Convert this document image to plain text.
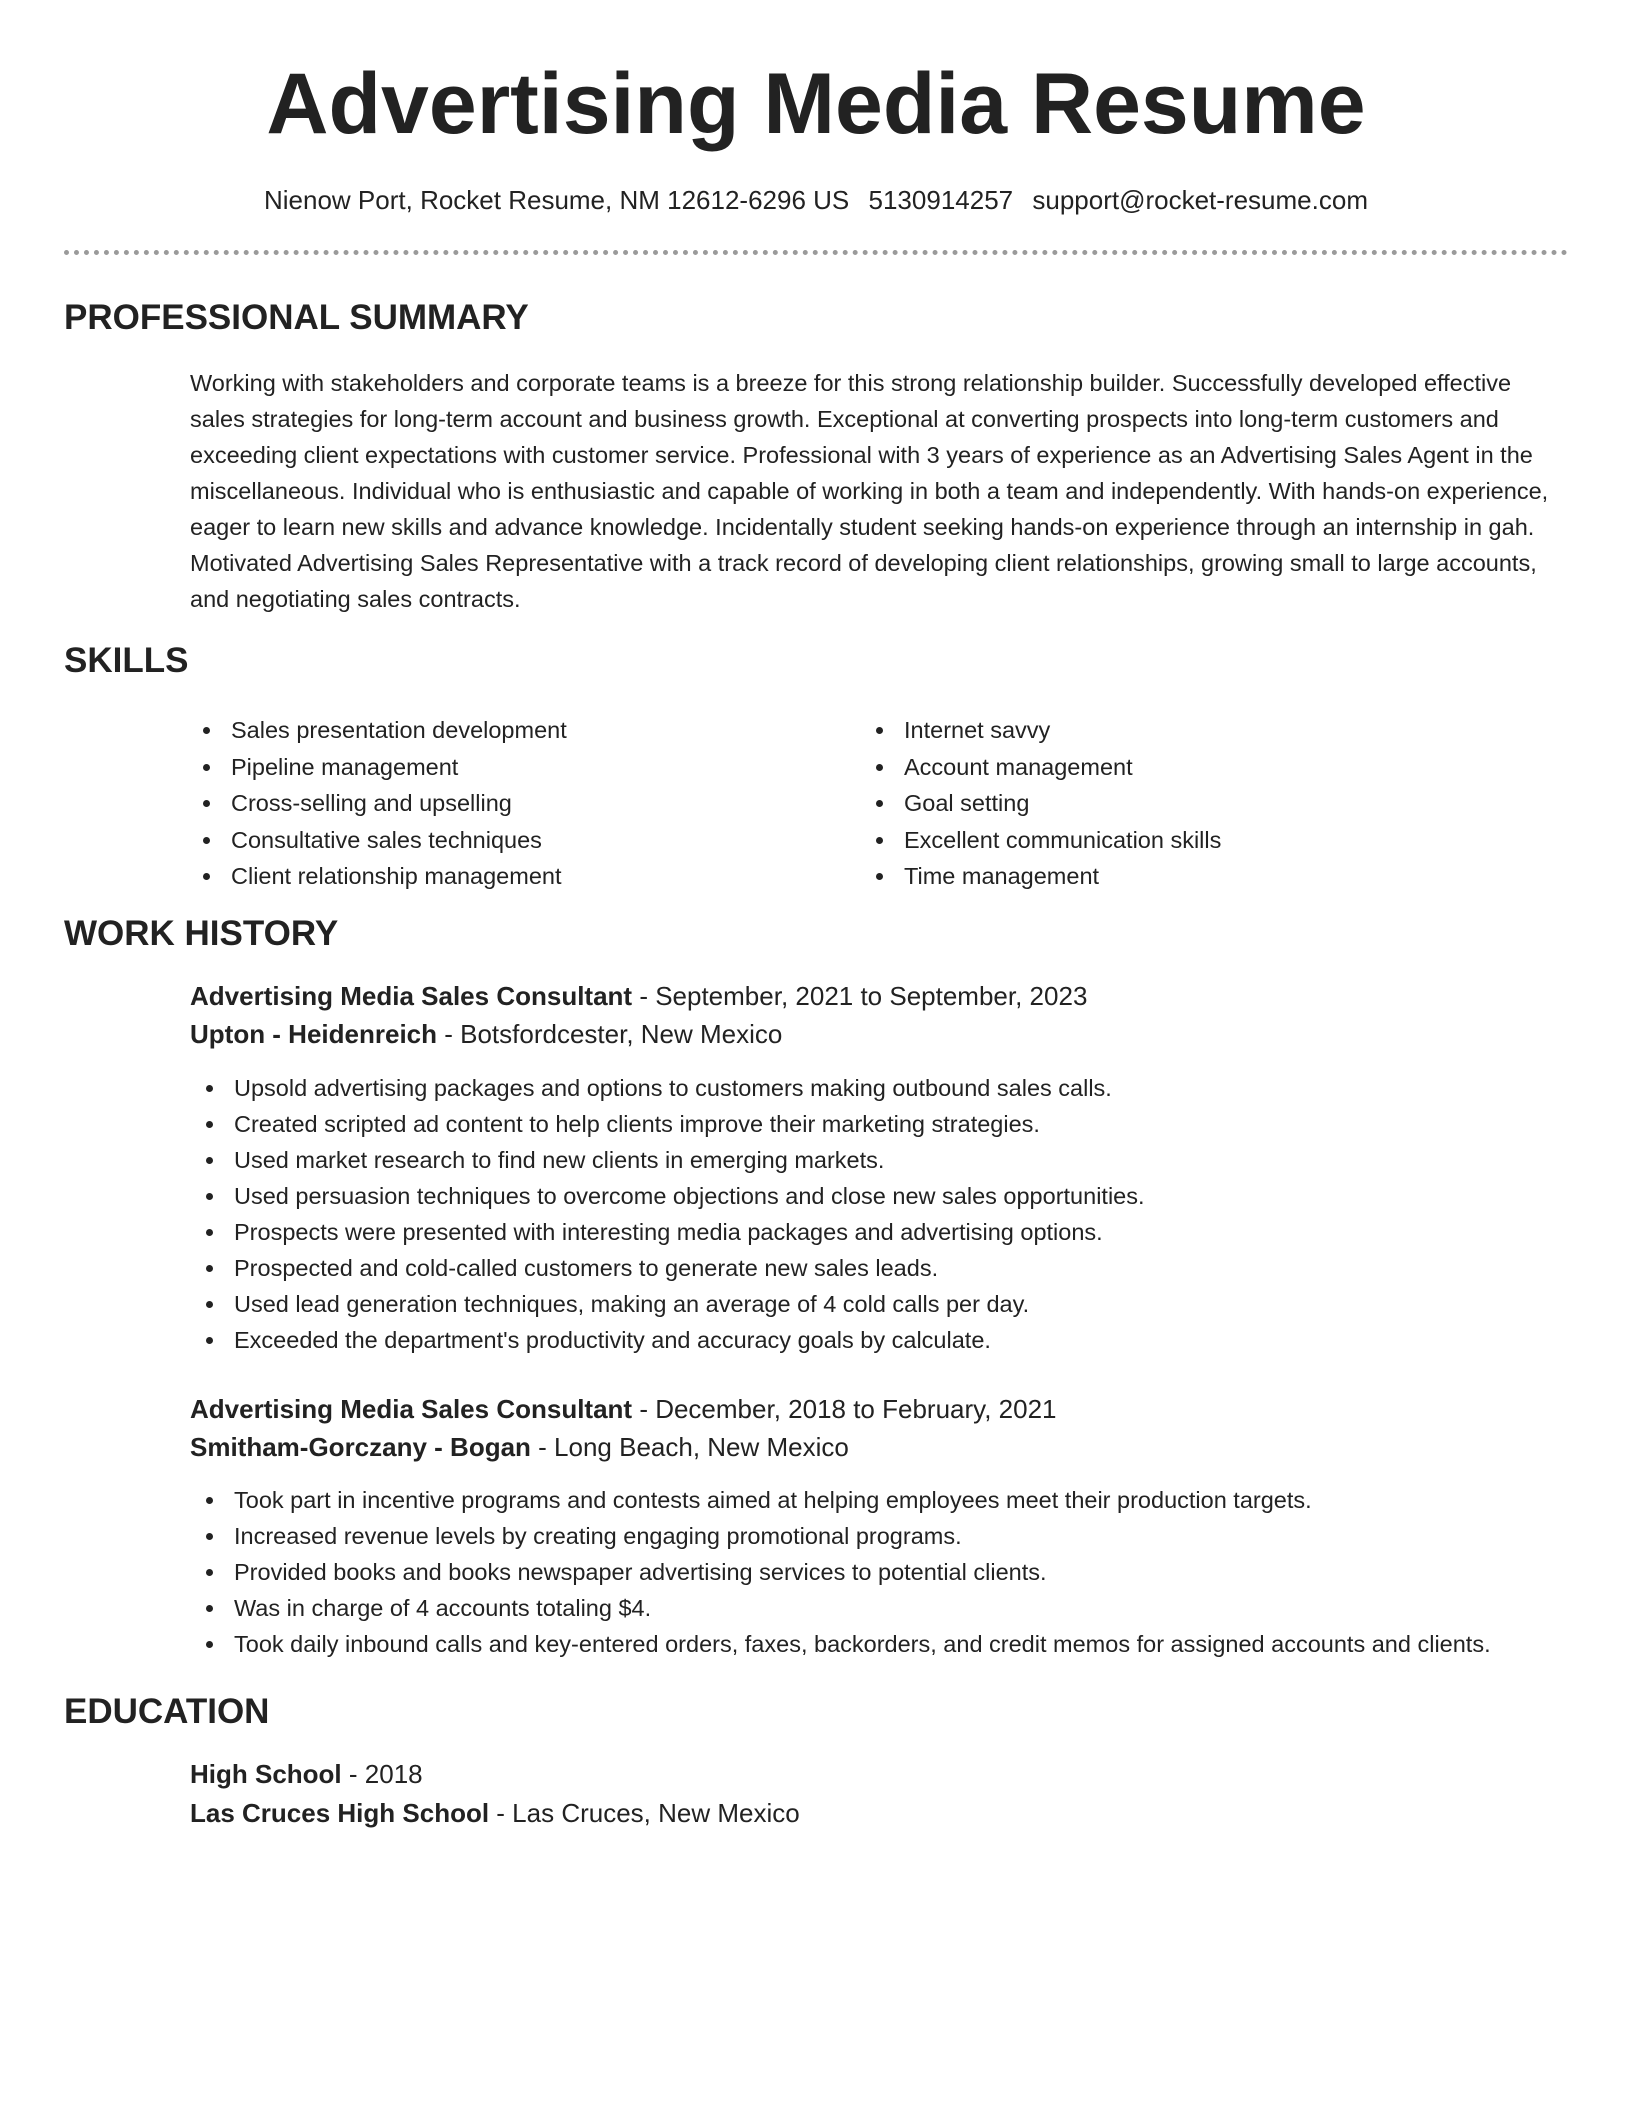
Advertising Media Resume
Nienow Port, Rocket Resume, NM 12612-6296 US 5130914257 support@rocket-resume.com
PROFESSIONAL SUMMARY

Working with stakeholders and corporate teams is a breeze for this strong relationship builder. Successfully developed effective sales strategies for long-term account and business growth. Exceptional at converting prospects into long-term customers and exceeding client expectations with customer service. Professional with 3 years of experience as an Advertising Sales Agent in the miscellaneous. Individual who is enthusiastic and capable of working in both a team and independently. With hands-on experience, eager to learn new skills and advance knowledge. Incidentally student seeking hands-on experience through an internship in gah. Motivated Advertising Sales Representative with a track record of developing client relationships, growing small to large accounts, and negotiating sales contracts.

SKILLS
Sales presentation development
Pipeline management
Cross-selling and upselling
Consultative sales techniques
Client relationship management
Internet savvy
Account management
Goal setting
Excellent communication skills
Time management
WORK HISTORY
Advertising Media Sales Consultant - September, 2021 to September, 2023
Upton - Heidenreich - Botsfordcester, New Mexico
Upsold advertising packages and options to customers making outbound sales calls.
Created scripted ad content to help clients improve their marketing strategies.
Used market research to find new clients in emerging markets.
Used persuasion techniques to overcome objections and close new sales opportunities.
Prospects were presented with interesting media packages and advertising options.
Prospected and cold-called customers to generate new sales leads.
Used lead generation techniques, making an average of 4 cold calls per day.
Exceeded the department's productivity and accuracy goals by calculate.
Advertising Media Sales Consultant - December, 2018 to February, 2021
Smitham-Gorczany - Bogan - Long Beach, New Mexico
Took part in incentive programs and contests aimed at helping employees meet their production targets.
Increased revenue levels by creating engaging promotional programs.
Provided books and books newspaper advertising services to potential clients.
Was in charge of 4 accounts totaling $4.
Took daily inbound calls and key-entered orders, faxes, backorders, and credit memos for assigned accounts and clients.
EDUCATION
High School - 2018
Las Cruces High School - Las Cruces, New Mexico
